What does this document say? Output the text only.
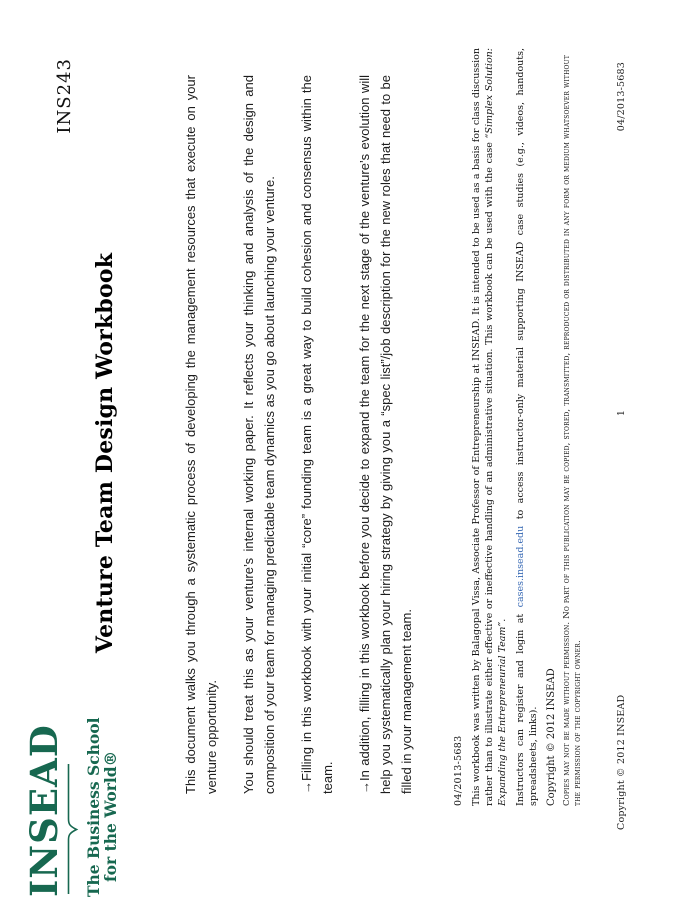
INSEAD The Business School
for the World®
INS243
Venture Team Design Workbook	This document walks you through a systematic process of developing the management resources that execute on your venture opportunity. You should treat this as your venture’s internal working paper. It reflects your thinking and analysis of the design and composition of your team for managing predictable team dynamics as you go about launching your venture. →Filling in this workbook with your initial “core” founding team is a great way to build cohesion and consensus within the team. →In addition, filling in this workbook before you decide to expand the team for the next stage of the venture’s evolution will help you systematically plan your hiring strategy by giving you a “spec list”/job description for the new roles that need to be filled in your management team.	04/2013-5683 This workbook was written by Balagopal Vissa, Associate Professor of Entrepreneurship at INSEAD. It is intended to be used as a basis for class discussion rather than to illustrate either effective or ineffective handling of an administrative situation. This workbook can be used with the case “Simplex Solution: Expanding the Entrepreneurial Team”. Instructors can register and login at cases.insead.edu to access instructor-only material supporting INSEAD case studies (e.g., videos, handouts, spreadsheets, links). Copyright © 2012 INSEAD Copies may not be made without permission. No part of this publication may be copied, stored, transmitted, reproduced or distributed in any form or medium whatsoever without the permission of the copyright owner.	Copyright © 2012 INSEAD
1
04/2013-5683
